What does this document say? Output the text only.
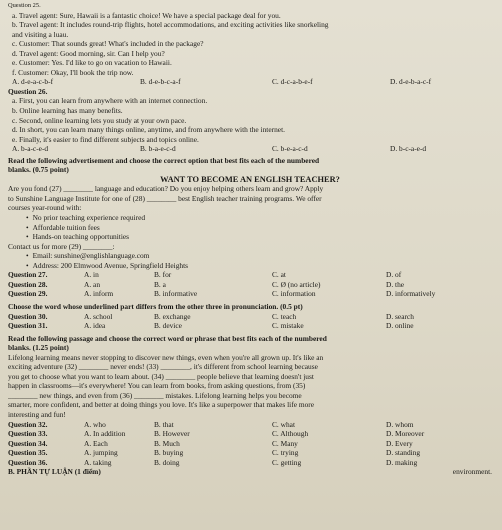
Question 25.
a. Travel agent: Sure, Hawaii is a fantastic choice! We have a special package deal for you.
b. Travel agent: It includes round-trip flights, hotel accommodations, and exciting activities like snorkeling
and visiting a luau.
c. Customer: That sounds great! What's included in the package?
d. Travel agent: Good morning, sir. Can I help you?
e. Customer: Yes. I'd like to go on vacation to Hawaii.
f. Customer: Okay, I'll book the trip now.
A. d-e-a-c-b-f	B. d-e-b-c-a-f	C. d-c-a-b-e-f	D. d-e-b-a-c-f
Question 26.
a. First, you can learn from anywhere with an internet connection.
b. Online learning has many benefits.
c. Second, online learning lets you study at your own pace.
d. In short, you can learn many things online, anytime, and from anywhere with the internet.
e. Finally, it's easier to find different subjects and topics online.
A. b-a-c-e-d	B. b-a-e-c-d	C. b-e-a-c-d	D. b-c-a-e-d
Read the following advertisement and choose the correct option that best fits each of the numbered
blanks. (0.75 point)
WANT TO BECOME AN ENGLISH TEACHER?
Are you fond (27) ________ language and education? Do you enjoy helping others learn and grow? Apply
to Sunshine Language Institute for one of (28) ________ best English teacher training programs. We offer
courses year-round with:
• No prior teaching experience required
• Affordable tuition fees
• Hands-on teaching opportunities
Contact us for more (29) ________:
• Email: sunshine@englishlanguage.com
• Address: 200 Elmwood Avenue, Springfield Heights
Question 27.	A. in	B. for	C. at	D. of
Question 28.	A. an	B. a	C. Ø (no article)	D. the
Question 29.	A. inform	B. informative	C. information	D. informatively
Choose the word whose underlined part differs from the other three in pronunciation. (0.5 pt)
Question 30.	A. school	B. exchange	C. teach	D. search
Question 31.	A. idea	B. device	C. mistake	D. online
Read the following passage and choose the correct word or phrase that best fits each of the numbered
blanks. (1.25 point)
Lifelong learning means never stopping to discover new things, even when you're all grown up. It's like an
exciting adventure (32) ________ never ends! (33) ________, it's different from school learning because
you get to choose what you want to learn about. (34) ________ people believe that learning doesn't just
happen in classrooms—it's everywhere! You can learn from books, from asking questions, from (35)
________ new things, and even from (36) ________ mistakes. Lifelong learning helps you become
smarter, more confident, and better at doing things you love. It's like a superpower that makes life more
interesting and fun!
Question 32.	A. who	B. that	C. what	D. whom
Question 33.	A. In addition	B. However	C. Although	D. Moreover
Question 34.	A. Each	B. Much	C. Many	D. Every
Question 35.	A. jumping	B. buying	C. trying	D. standing
Question 36.	A. taking	B. doing	C. getting	D. making
B. PHẦN TỰ LUẬN (1 điểm)	environment.
